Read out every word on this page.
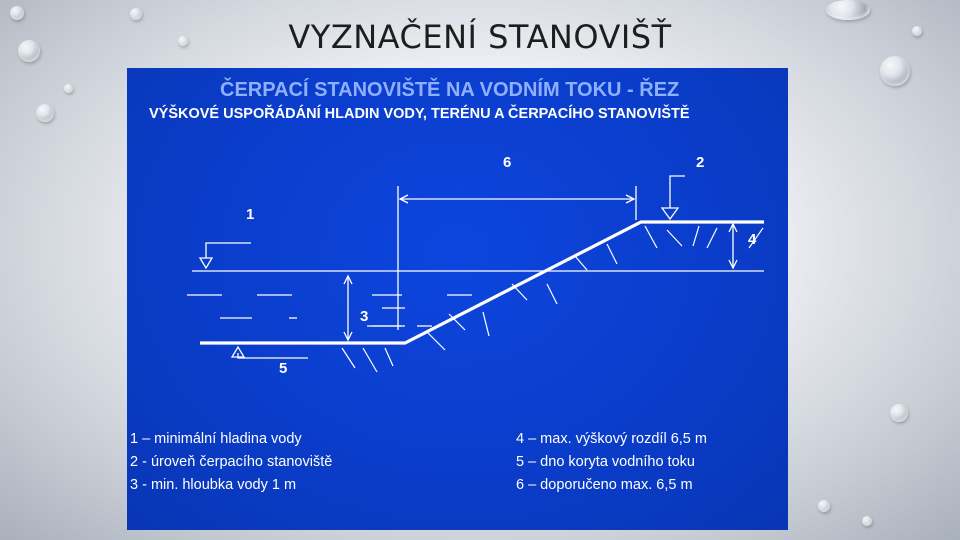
VYZNAČENÍ STANOVIŠŤ
ČERPACÍ STANOVIŠTĚ NA VODNÍM TOKU - ŘEZ
VÝŠKOVÉ USPOŘÁDÁNÍ HLADIN VODY, TERÉNU A ČERPACÍHO STANOVIŠTĚ
1
2
3
4
5
6
1 – minimální hladina vody
2 - úroveň čerpacího stanoviště
3 - min. hloubka vody 1 m
4 – max. výškový rozdíl 6,5 m
5 – dno koryta vodního toku
6 – doporučeno max. 6,5 m
